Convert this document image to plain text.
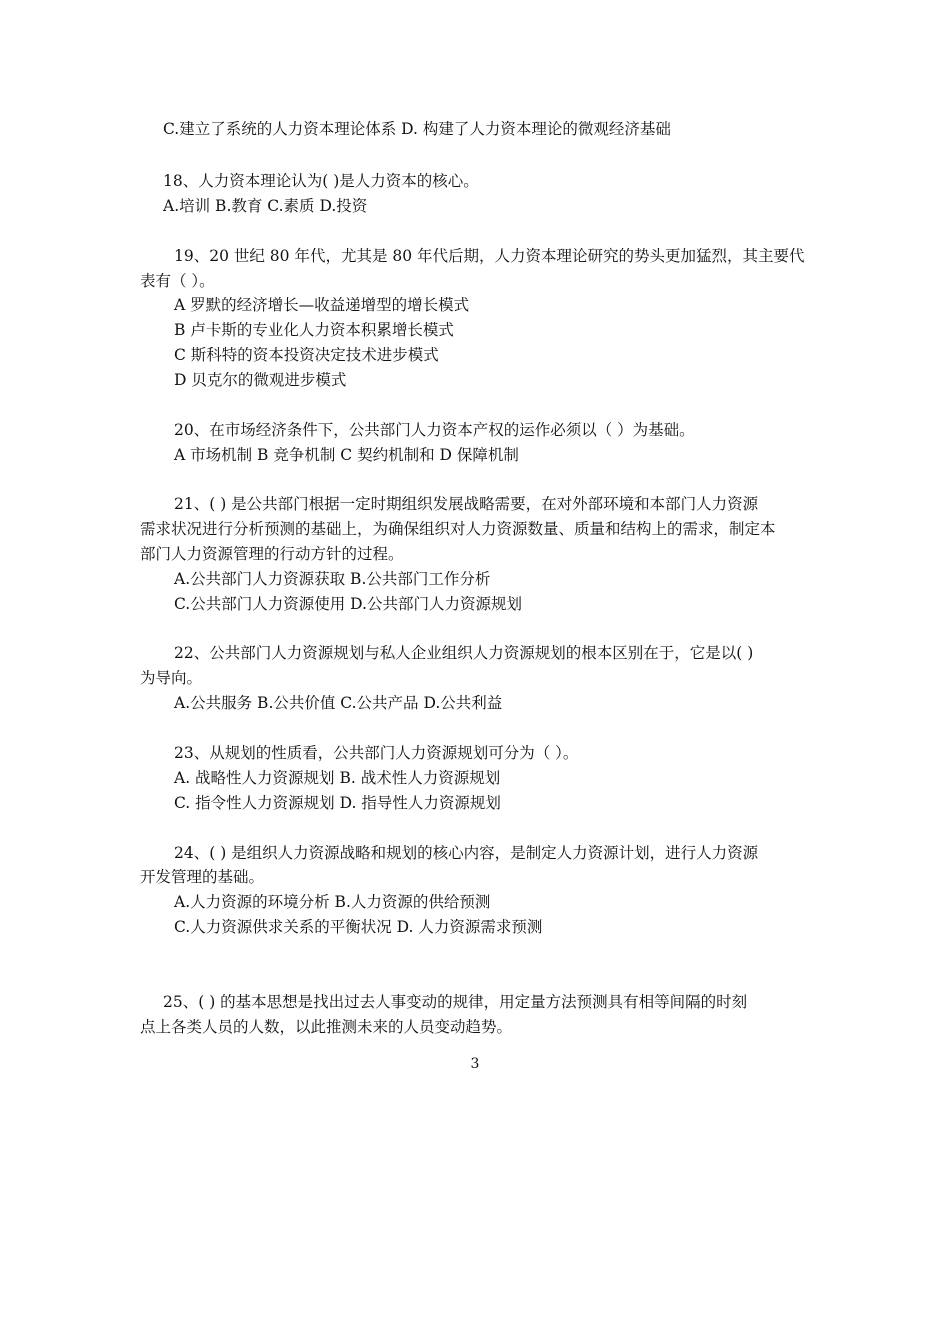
C.建立了系统的人力资本理论体系 D. 构建了人力资本理论的微观经济基础
18、人力资本理论认为( )是人力资本的核心。
A.培训 B.教育 C.素质 D.投资
19、20 世纪 80 年代，尤其是 80 年代后期，人力资本理论研究的势头更加猛烈，其主要代
表有（ ）。
A 罗默的经济增长—收益递增型的增长模式
B 卢卡斯的专业化人力资本积累增长模式
C 斯科特的资本投资决定技术进步模式
D 贝克尔的微观进步模式
20、在市场经济条件下，公共部门人力资本产权的运作必须以（ ）为基础。
A 市场机制 B 竞争机制 C 契约机制和 D 保障机制
21、( ) 是公共部门根据一定时期组织发展战略需要，在对外部环境和本部门人力资源
需求状况进行分析预测的基础上，为确保组织对人力资源数量、质量和结构上的需求，制定本
部门人力资源管理的行动方针的过程。
A.公共部门人力资源获取 B.公共部门工作分析
C.公共部门人力资源使用 D.公共部门人力资源规划
22、公共部门人力资源规划与私人企业组织人力资源规划的根本区别在于，它是以( )
为导向。
A.公共服务 B.公共价值 C.公共产品 D.公共利益
23、从规划的性质看，公共部门人力资源规划可分为（ ）。
A. 战略性人力资源规划 B. 战术性人力资源规划
C. 指令性人力资源规划 D. 指导性人力资源规划
24、( ) 是组织人力资源战略和规划的核心内容，是制定人力资源计划，进行人力资源
开发管理的基础。
A.人力资源的环境分析 B.人力资源的供给预测
C.人力资源供求关系的平衡状况 D. 人力资源需求预测
25、( ) 的基本思想是找出过去人事变动的规律，用定量方法预测具有相等间隔的时刻
点上各类人员的人数，以此推测未来的人员变动趋势。
3
